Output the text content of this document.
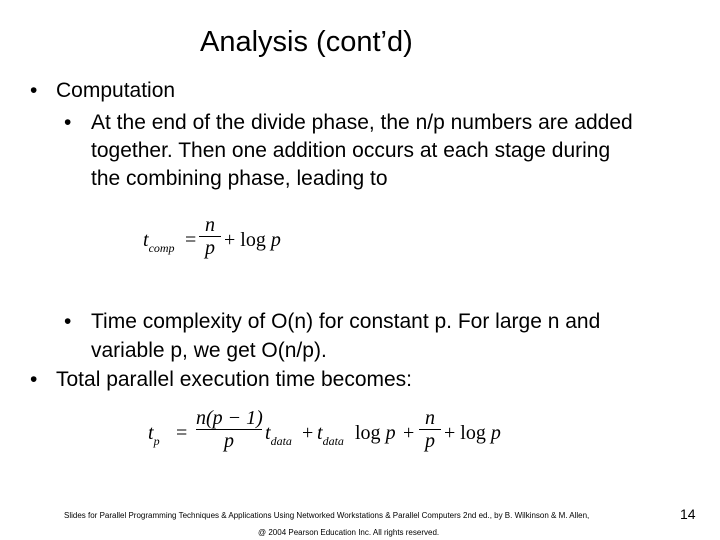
Analysis (cont’d)
• Computation
• At the end of the divide phase, the n/p numbers are added
together. Then one addition occurs at each stage during
the combining phase, leading to
$t_{comp}$ =
n
p + log p
• Time complexity of O(n) for constant p. For large n and
variable p, we get O(n/p).
• Total parallel execution time becomes:
$t_p$ =
n(p − 1)
p	$t_{data} + t_{data}$ log p +
n
p + log p
Slides for Parallel Programming Techniques & Applications Using Networked Workstations & Parallel Computers 2nd ed., by B. Wilkinson & M. Allen,
@ 2004 Pearson Education Inc. All rights reserved.
14
